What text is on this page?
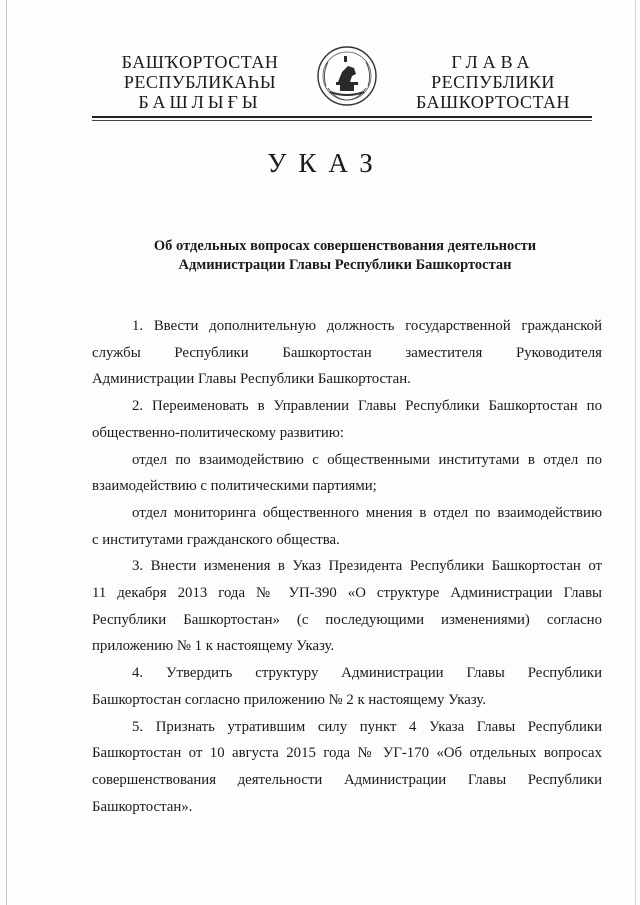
БАШҠОРТОСТАН
РЕСПУБЛИКАҺЫ
БАШЛЫҒЫ
ГЛАВА
РЕСПУБЛИКИ
БАШКОРТОСТАН
УКАЗ
Об отдельных вопросах совершенствования деятельности
Администрации Главы Республики Башкортостан
1. Ввести дополнительную должность государственной гражданской
службы Республики Башкортостан заместителя Руководителя
Администрации Главы Республики Башкортостан.
2. Переименовать в Управлении Главы Республики Башкортостан по
общественно-политическому развитию:
отдел по взаимодействию с общественными институтами в отдел по
взаимодействию с политическими партиями;
отдел мониторинга общественного мнения в отдел по взаимодействию
с институтами гражданского общества.
3. Внести изменения в Указ Президента Республики Башкортостан от
11 декабря 2013 года № УП-390 «О структуре Администрации Главы
Республики Башкортостан» (с последующими изменениями) согласно
приложению № 1 к настоящему Указу.
4. Утвердить структуру Администрации Главы Республики
Башкортостан согласно приложению № 2 к настоящему Указу.
5. Признать утратившим силу пункт 4 Указа Главы Республики
Башкортостан от 10 августа 2015 года № УГ-170 «Об отдельных вопросах
совершенствования деятельности Администрации Главы Республики
Башкортостан».
